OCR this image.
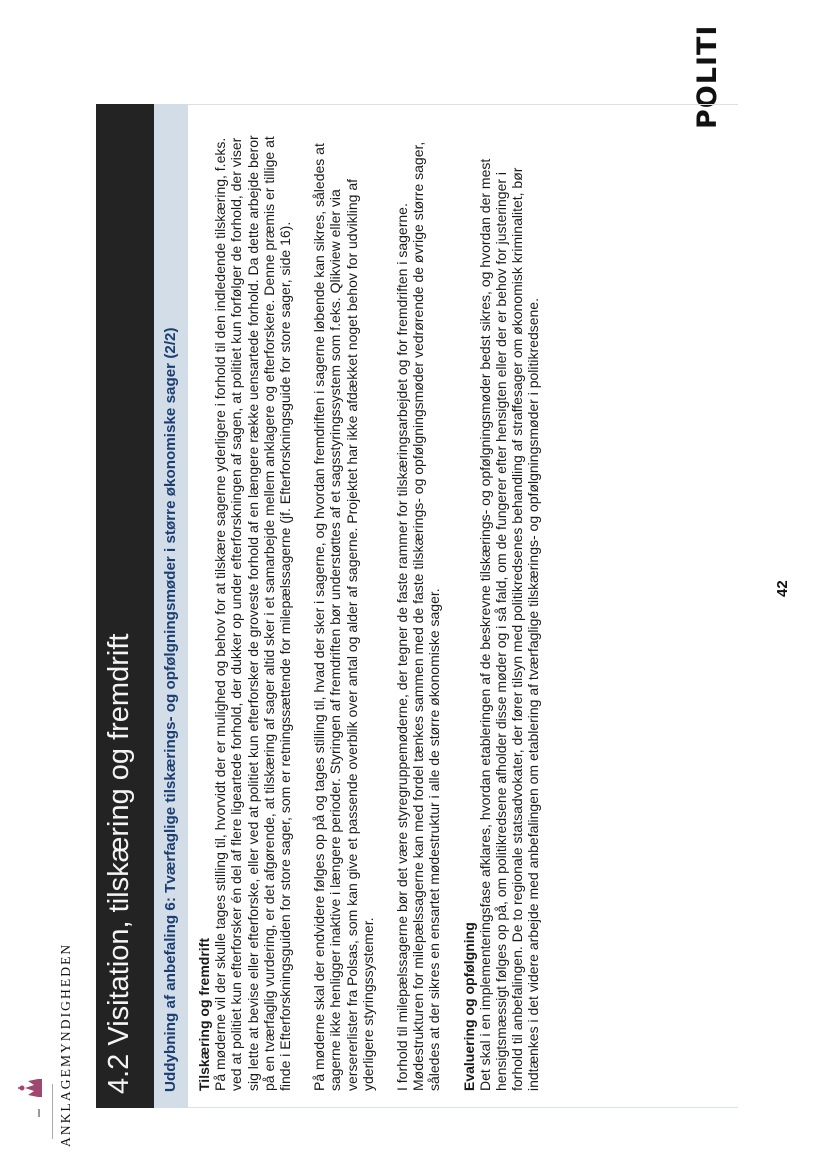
ANKLAGEMYNDIGHEDEN
POLITI
4.2 Visitation, tilskæring og fremdrift Uddybning af anbefaling 6: Tværfaglige tilskærings- og opfølgningsmøder i større økonomiske sager (2/2) Tilskæring og fremdrift På møderne vil der skulle tages stilling til, hvorvidt der er mulighed og behov for at tilskære sagerne yderligere i forhold til den indledende tilskæring, f.eks. ved at politiet kun efterforsker én del af flere ligeartede forhold, der dukker op under efterforskningen af sagen, at politiet kun forfølger de forhold, der viser sig lette at bevise eller efterforske, eller ved at politiet kun efterforsker de groveste forhold af en længere række uensartede forhold. Da dette arbejde beror på en tværfaglig vurdering, er det afgørende, at tilskæring af sager altid sker i et samarbejde mellem anklagere og efterforskere. Denne præmis er tillige at finde i Efterforskningsguiden for store sager, som er retningssættende for milepælssagerne (jf. Efterforskningsguide for store sager, side 16). På møderne skal der endvidere følges op på og tages stilling til, hvad der sker i sagerne, og hvordan fremdriften i sagerne løbende kan sikres, således at sagerne ikke henligger inaktive i længere perioder. Styringen af fremdriften bør understøttes af et sagsstyringssystem som f.eks. Qlikview eller via versererlister fra Polsas, som kan give et passende overblik over antal og alder af sagerne. Projektet har ikke afdækket noget behov for udvikling af yderligere styringssystemer. I forhold til milepælssagerne bør det være styregruppemøderne, der tegner de faste rammer for tilskæringsarbejdet og for fremdriften i sagerne. Mødestrukturen for milepælssagerne kan med fordel tænkes sammen med de faste tilskærings- og opfølgningsmøder vedrørende de øvrige større sager, således at der sikres en ensartet mødestruktur i alle de større økonomiske sager. Evaluering og opfølgning Det skal i en implementeringsfase afklares, hvordan etableringen af de beskrevne tilskærings- og opfølgningsmøder bedst sikres, og hvordan der mest hensigtsmæssigt følges op på, om politikredsene afholder disse møder og i så fald, om de fungerer efter hensigten eller der er behov for justeringer i forhold til anbefalingen. De to regionale statsadvokater, der fører tilsyn med politikredsenes behandling af straffesager om økonomisk kriminalitet, bør indtænkes i det videre arbejde med anbefalingen om etablering af tværfaglige tilskærings- og opfølgningsmøder i politikredsene.	42
